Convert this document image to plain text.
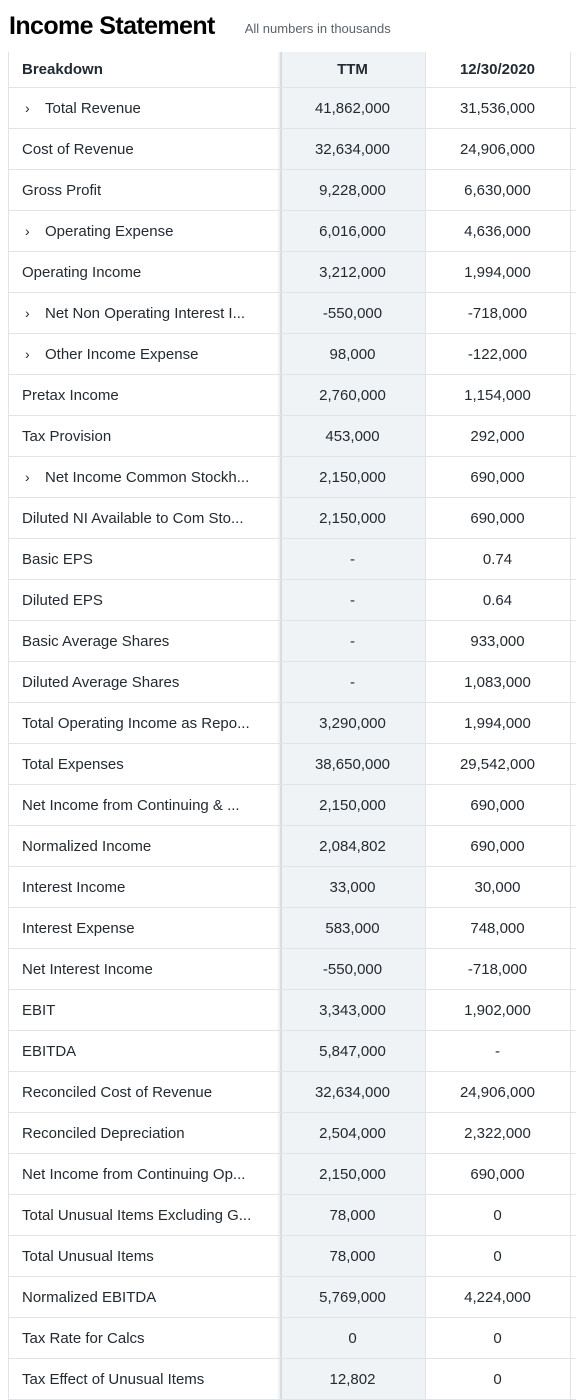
Income Statement All numbers in thousands
Breakdown	TTM	12/30/2020
›	Total Revenue	41,862,000	31,536,000
Cost of Revenue	32,634,000	24,906,000
Gross Profit	9,228,000	6,630,000
›	Operating Expense	6,016,000	4,636,000
Operating Income	3,212,000	1,994,000
›	Net Non Operating Interest I...	-550,000	-718,000
›	Other Income Expense	98,000	-122,000
Pretax Income	2,760,000	1,154,000
Tax Provision	453,000	292,000
›	Net Income Common Stockh...	2,150,000	690,000
Diluted NI Available to Com Sto...	2,150,000	690,000
Basic EPS	-	0.74
Diluted EPS	-	0.64
Basic Average Shares	-	933,000
Diluted Average Shares	-	1,083,000
Total Operating Income as Repo...	3,290,000	1,994,000
Total Expenses	38,650,000	29,542,000
Net Income from Continuing & ...	2,150,000	690,000
Normalized Income	2,084,802	690,000
Interest Income	33,000	30,000
Interest Expense	583,000	748,000
Net Interest Income	-550,000	-718,000
EBIT	3,343,000	1,902,000
EBITDA	5,847,000	-
Reconciled Cost of Revenue	32,634,000	24,906,000
Reconciled Depreciation	2,504,000	2,322,000
Net Income from Continuing Op...	2,150,000	690,000
Total Unusual Items Excluding G...	78,000	0
Total Unusual Items	78,000	0
Normalized EBITDA	5,769,000	4,224,000
Tax Rate for Calcs	0	0
Tax Effect of Unusual Items	12,802	0
